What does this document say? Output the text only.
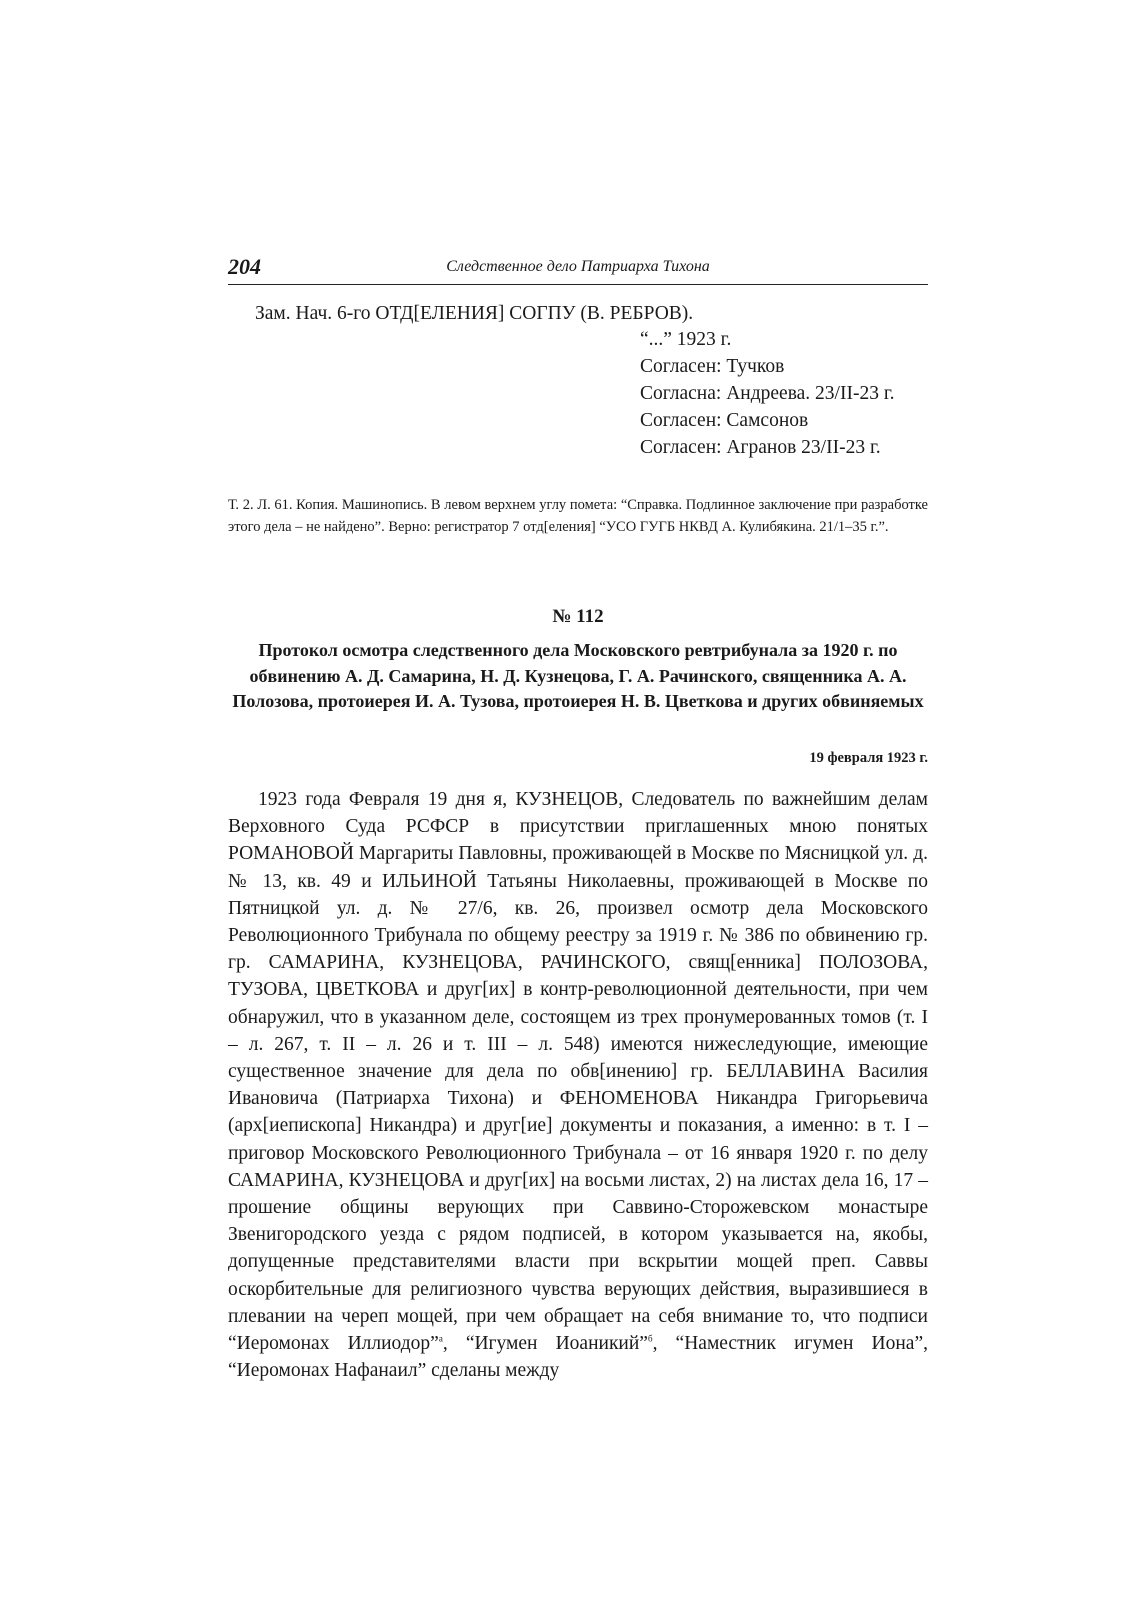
204	Следственное дело Патриарха Тихона
Зам. Нач. 6-го ОТД[ЕЛЕНИЯ] СОГПУ (В. РЕБРОВ).
“...” 1923 г.
Согласен: Тучков
Согласна: Андреева. 23/II-23 г.
Согласен: Самсонов
Согласен: Агранов 23/II-23 г.
Т. 2. Л. 61. Копия. Машинопись. В левом верхнем углу помета: “Справка. Подлинное заключение при разработке этого дела – не найдено”. Верно: регистратор 7 отд[еления] “УСО ГУГБ НКВД А. Кулибякина. 21/1–35 г.”.
№ 112
Протокол осмотра следственного дела Московского ревтрибунала за 1920 г. по обвинению А. Д. Самарина, Н. Д. Кузнецова, Г. А. Рачинского, священника А. А. Полозова, протоиерея И. А. Тузова, протоиерея Н. В. Цветкова и других обвиняемых
19 февраля 1923 г.
1923 года Февраля 19 дня я, КУЗНЕЦОВ, Следователь по важнейшим делам Верховного Суда РСФСР в присутствии приглашенных мною понятых РОМАНОВОЙ Маргариты Павловны, проживающей в Москве по Мясницкой ул. д. № 13, кв. 49 и ИЛЬИНОЙ Татьяны Николаевны, проживающей в Москве по Пятницкой ул. д. № 27/6, кв. 26, произвел осмотр дела Московского Революционного Трибунала по общему реестру за 1919 г. № 386 по обвинению гр. гр. САМАРИНА, КУЗНЕЦОВА, РАЧИНСКОГО, свящ[енника] ПОЛОЗОВА, ТУЗОВА, ЦВЕТКОВА и друг[их] в контр-революционной деятельности, при чем обнаружил, что в указанном деле, состоящем из трех пронумерованных томов (т. I – л. 267, т. II – л. 26 и т. III – л. 548) имеются нижеследующие, имеющие существенное значение для дела по обв[инению] гр. БЕЛЛАВИНА Василия Ивановича (Патриарха Тихона) и ФЕНОМЕНОВА Никандра Григорьевича (арх[иепископа] Никандра) и друг[ие] документы и показания, а именно: в т. I – приговор Московского Революционного Трибунала – от 16 января 1920 г. по делу САМАРИНА, КУЗНЕЦОВА и друг[их] на восьми листах, 2) на листах дела 16, 17 – прошение общины верующих при Саввино-Сторожевском монастыре Звенигородского уезда с рядом подписей, в котором указывается на, якобы, допущенные представителями власти при вскрытии мощей преп. Саввы оскорбительные для религиозного чувства верующих действия, выразившиеся в плевании на череп мощей, при чем обращает на себя внимание то, что подписи “Иеромонах Иллиодор”$^а$, “Игумен Иоаникий”$^б$, “Наместник игумен Иона”, “Иеромонах Нафанаил” сделаны между
